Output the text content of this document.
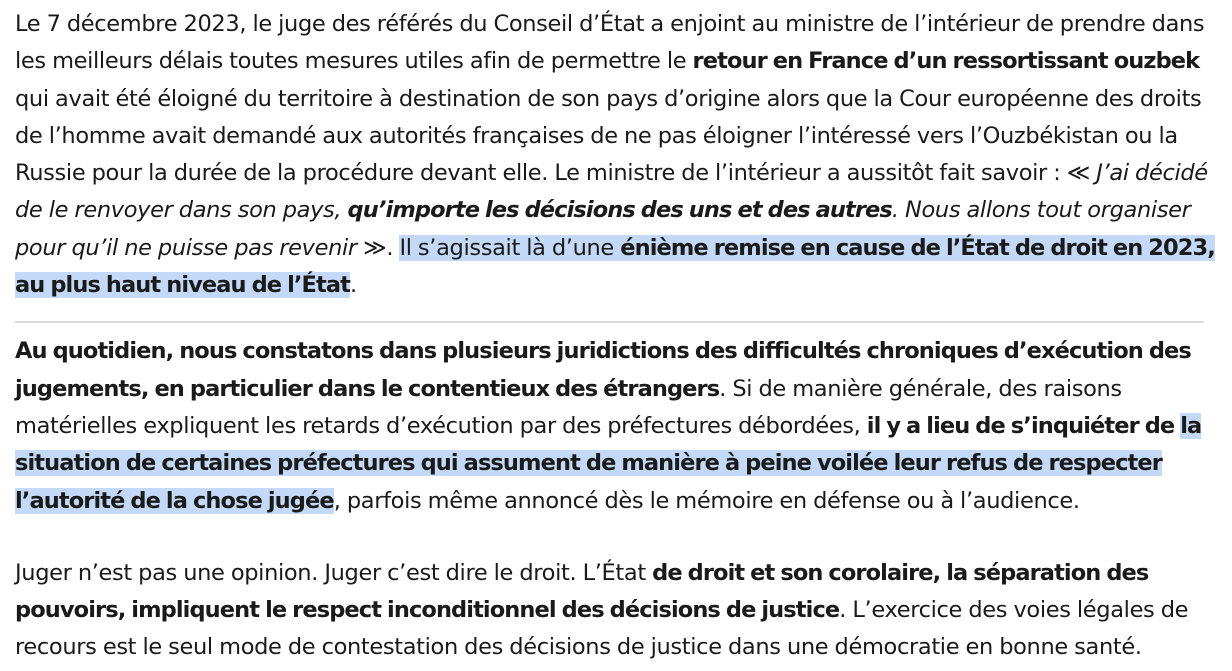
Le 7 décembre 2023, le juge des référés du Conseil d’État a enjoint au ministre de l’intérieur de prendre dans les meilleurs délais toutes mesures utiles afin de permettre le retour en France d’un ressortissant ouzbek qui avait été éloigné du territoire à destination de son pays d’origine alors que la Cour européenne des droits de l’homme avait demandé aux autorités françaises de ne pas éloigner l’intéressé vers l’Ouzbékistan ou la Russie pour la durée de la procédure devant elle. Le ministre de l’intérieur a aussitôt fait savoir : ≪ J’ai décidé de le renvoyer dans son pays, qu’importe les décisions des uns et des autres. Nous allons tout organiser pour qu’il ne puisse pas revenir ≫. Il s’agissait là d’une énième remise en cause de l’État de droit en 2023, au plus haut niveau de l’État.

Au quotidien, nous constatons dans plusieurs juridictions des difficultés chroniques d’exécution des jugements, en particulier dans le contentieux des étrangers. Si de manière générale, des raisons matérielles expliquent les retards d’exécution par des préfectures débordées, il y a lieu de s’inquiéter de la situation de certaines préfectures qui assument de manière à peine voilée leur refus de respecter l’autorité de la chose jugée, parfois même annoncé dès le mémoire en défense ou à l’audience.

Juger n’est pas une opinion. Juger c’est dire le droit. L’État de droit et son corolaire, la séparation des pouvoirs, impliquent le respect inconditionnel des décisions de justice. L’exercice des voies légales de recours est le seul mode de contestation des décisions de justice dans une démocratie en bonne santé.
